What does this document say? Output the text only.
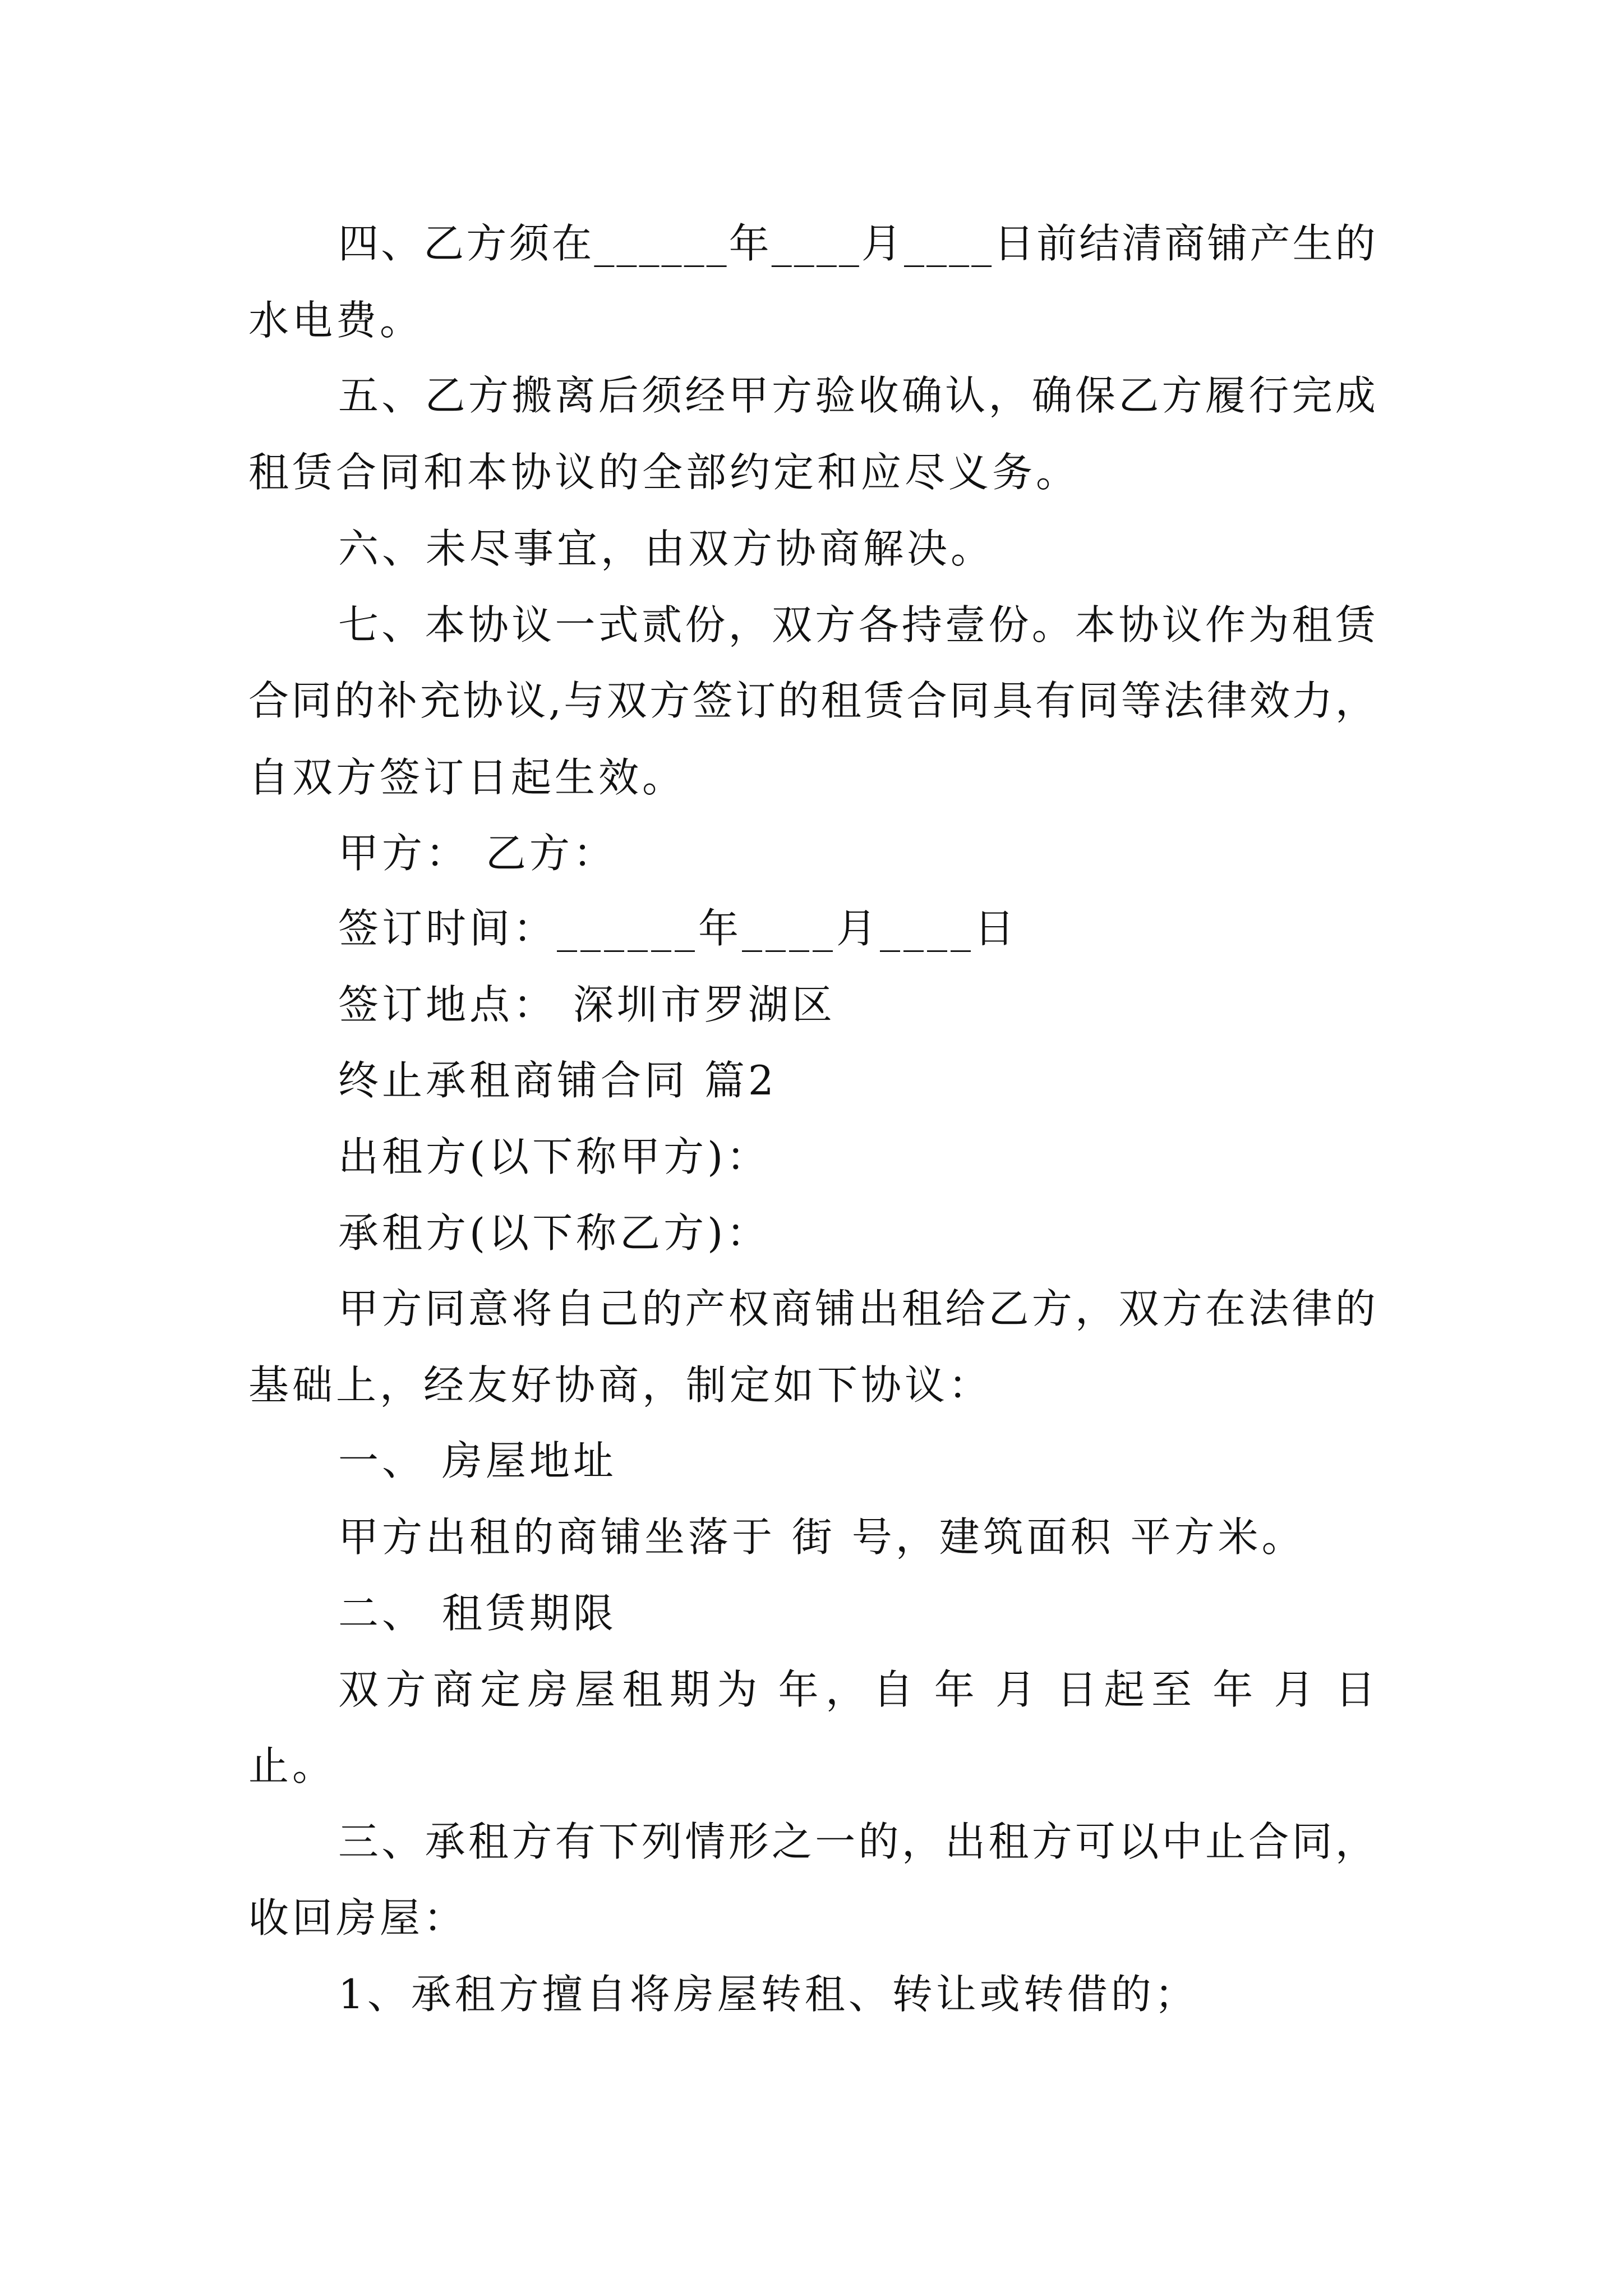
四 、 乙 方 须 在 _ _ _ _ _ _ 年 _ _ _ _ 月 _ _ _ _ 日 前 结 清 商 铺 产 生 的
水电费。
五 、 乙 方 搬 离 后 须 经 甲 方 验 收 确 认 ， 确 保 乙 方 履 行 完 成
租赁合同和本协议的全部约定和应尽义务。
六、未尽事宜，由双方协商解决。
七 、 本 协 议 一 式 贰 份 ， 双 方 各 持 壹 份 。 本 协 议 作 为 租 赁
合 同 的 补 充 协 议 , 与 双 方 签 订 的 租 赁 合 同 具 有 同 等 法 律 效 力 ，
自双方签订日起生效。
甲方： 乙方：
签订时间：______年____月____日
签订地点： 深圳市罗湖区
终止承租商铺合同 篇2
出租方(以下称甲方)：
承租方(以下称乙方)：
甲 方 同 意 将 自 己 的 产 权 商 铺 出 租 给 乙 方 ， 双 方 在 法 律 的
基础上，经友好协商，制定如下协议：
一、 房屋地址
甲方出租的商铺坐落于 街 号，建筑面积 平方米。
二、 租赁期限
双 方 商 定 房 屋 租 期 为 年 ， 自 年 月 日 起 至 年 月 日
止。
三 、 承 租 方 有 下 列 情 形 之 一 的 ， 出 租 方 可 以 中 止 合 同 ，
收回房屋：
1、承租方擅自将房屋转租、转让或转借的；
